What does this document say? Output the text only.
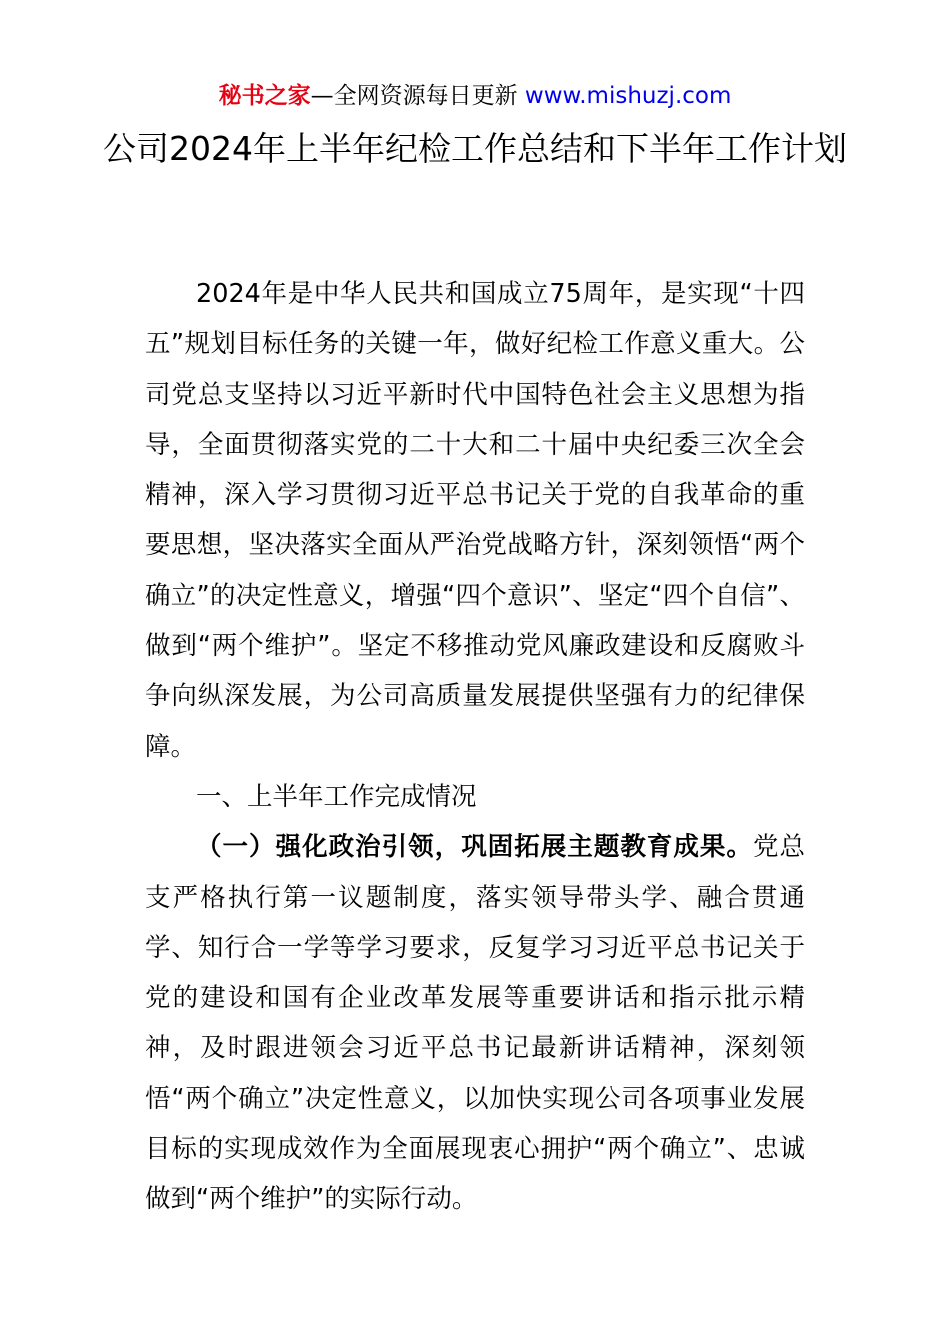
秘书之家—全网资源每日更新 www.mishuzj.com
公司2024年上半年纪检工作总结和下半年工作计划

2024年是中华人民共和国成立75周年，是实现“十四五”规划目标任务的关键一年，做好纪检工作意义重大。公司党总支坚持以习近平新时代中国特色社会主义思想为指导，全面贯彻落实党的二十大和二十届中央纪委三次全会精神，深入学习贯彻习近平总书记关于党的自我革命的重要思想，坚决落实全面从严治党战略方针，深刻领悟“两个确立”的决定性意义，增强“四个意识”、坚定“四个自信”、做到“两个维护”。坚定不移推动党风廉政建设和反腐败斗争向纵深发展，为公司高质量发展提供坚强有力的纪律保障。

一、上半年工作完成情况

（一）强化政治引领，巩固拓展主题教育成果。党总支严格执行第一议题制度，落实领导带头学、融合贯通学、知行合一学等学习要求，反复学习习近平总书记关于党的建设和国有企业改革发展等重要讲话和指示批示精神，及时跟进领会习近平总书记最新讲话精神，深刻领悟“两个确立”决定性意义，以加快实现公司各项事业发展目标的实现成效作为全面展现衷心拥护“两个确立”、忠诚做到“两个维护”的实际行动。
